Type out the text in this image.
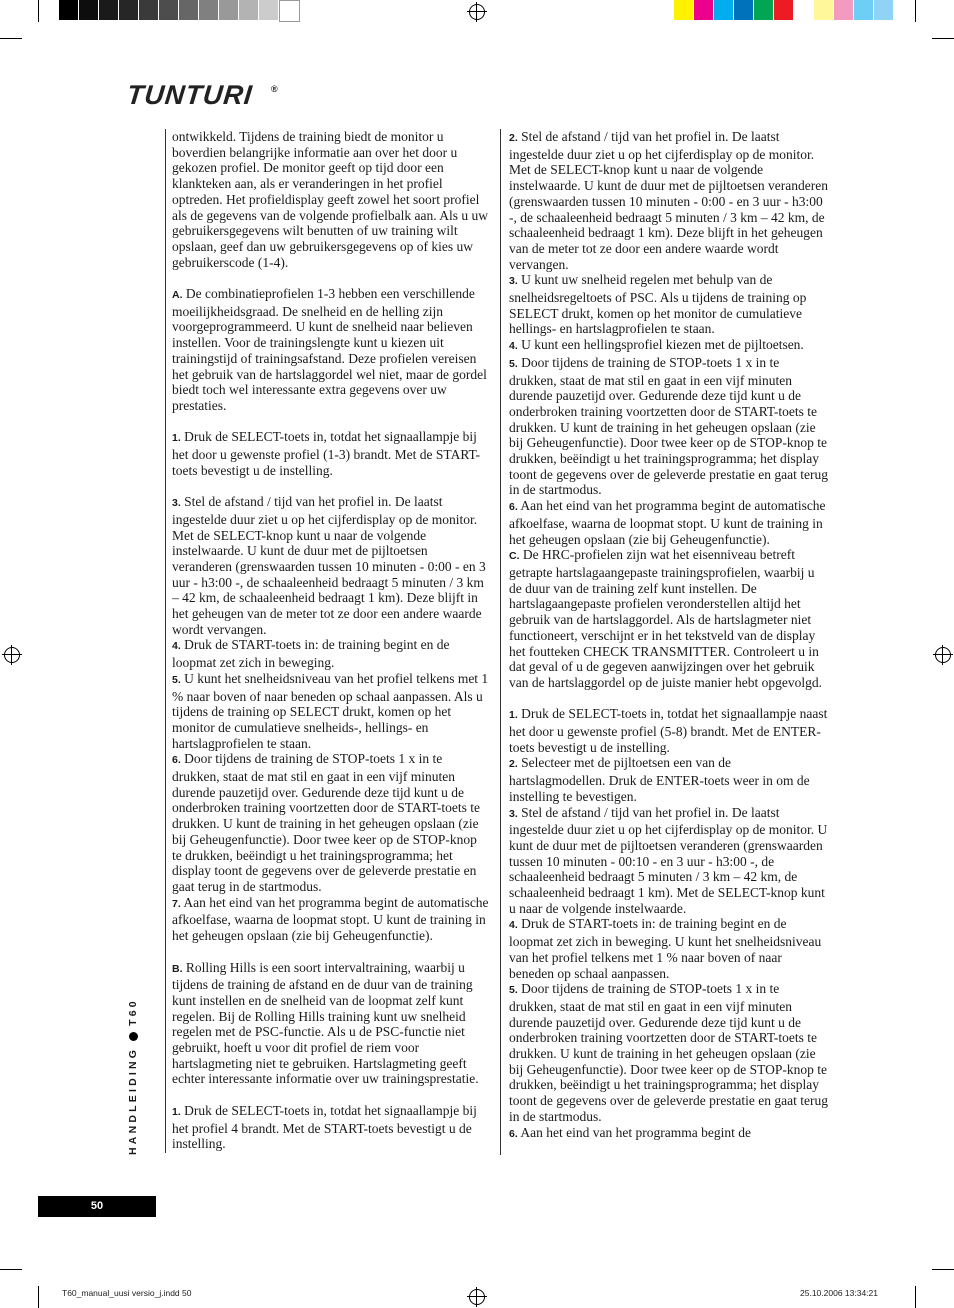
TUNTURI ®

ontwikkeld. Tijdens de training biedt de monitor u boverdien belangrijke informatie aan over het door u gekozen profiel. De monitor geeft op tijd door een klankteken aan, als er veranderingen in het profiel optreden. Het profieldisplay geeft zowel het soort profiel als de gegevens van de volgende profielbalk aan. Als u uw gebruikersgegevens wilt benutten of uw training wilt opslaan, geef dan uw gebruikersgegevens op of kies uw gebruikerscode (1-4).

A. De combinatieprofielen 1-3 hebben een verschillende moeilijkheidsgraad. De snelheid en de helling zijn voorgeprogrammeerd. U kunt de snelheid naar believen instellen. Voor de trainingslengte kunt u kiezen uit trainingstijd of trainingsafstand. Deze profielen vereisen het gebruik van de hartslaggordel wel niet, maar de gordel biedt toch wel interessante extra gegevens over uw prestaties.

1. Druk de SELECT-toets in, totdat het signaallampje bij het door u gewenste profiel (1-3) brandt. Met de START-toets bevestigt u de instelling.

3. Stel de afstand / tijd van het profiel in. De laatst ingestelde duur ziet u op het cijferdisplay op de monitor. Met de SELECT-knop kunt u naar de volgende instelwaarde. U kunt de duur met de pijltoetsen veranderen (grenswaarden tussen 10 minuten - 0:00 - en 3 uur - h3:00 -, de schaaleenheid bedraagt 5 minuten / 3 km – 42 km, de schaaleenheid bedraagt 1 km). Deze blijft in het geheugen van de meter tot ze door een andere waarde wordt vervangen.

4. Druk de START-toets in: de training begint en de loopmat zet zich in beweging.

5. U kunt het snelheidsniveau van het profiel telkens met 1 % naar boven of naar beneden op schaal aanpassen. Als u tijdens de training op SELECT drukt, komen op het monitor de cumulatieve snelheids-, hellings- en hartslagprofielen te staan.

6. Door tijdens de training de STOP-toets 1 x in te drukken, staat de mat stil en gaat in een vijf minuten durende pauzetijd over. Gedurende deze tijd kunt u de onderbroken training voortzetten door de START-toets te drukken. U kunt de training in het geheugen opslaan (zie bij Geheugenfunctie). Door twee keer op de STOP-knop te drukken, beëindigt u het trainingsprogramma; het display toont de gegevens over de geleverde prestatie en gaat terug in de startmodus.

7. Aan het eind van het programma begint de automatische afkoelfase, waarna de loopmat stopt. U kunt de training in het geheugen opslaan (zie bij Geheugenfunctie).

B. Rolling Hills is een soort intervaltraining, waarbij u tijdens de training de afstand en de duur van de training kunt instellen en de snelheid van de loopmat zelf kunt regelen. Bij de Rolling Hills training kunt uw snelheid regelen met de PSC-functie. Als u de PSC-functie niet gebruikt, hoeft u voor dit profiel de riem voor hartslagmeting niet te gebruiken. Hartslagmeting geeft echter interessante informatie over uw trainingsprestatie.

1. Druk de SELECT-toets in, totdat het signaallampje bij het profiel 4 brandt. Met de START-toets bevestigt u de instelling.

2. Stel de afstand / tijd van het profiel in. De laatst ingestelde duur ziet u op het cijferdisplay op de monitor. Met de SELECT-knop kunt u naar de volgende instelwaarde. U kunt de duur met de pijltoetsen veranderen (grenswaarden tussen 10 minuten - 0:00 - en 3 uur - h3:00 -, de schaaleenheid bedraagt 5 minuten / 3 km – 42 km, de schaaleenheid bedraagt 1 km). Deze blijft in het geheugen van de meter tot ze door een andere waarde wordt vervangen.

3. U kunt uw snelheid regelen met behulp van de snelheidsregeltoets of PSC. Als u tijdens de training op SELECT drukt, komen op het monitor de cumulatieve hellings- en hartslagprofielen te staan.

4. U kunt een hellingsprofiel kiezen met de pijltoetsen.

5. Door tijdens de training de STOP-toets 1 x in te drukken, staat de mat stil en gaat in een vijf minuten durende pauzetijd over. Gedurende deze tijd kunt u de onderbroken training voortzetten door de START-toets te drukken. U kunt de training in het geheugen opslaan (zie bij Geheugenfunctie). Door twee keer op de STOP-knop te drukken, beëindigt u het trainingsprogramma; het display toont de gegevens over de geleverde prestatie en gaat terug in de startmodus.

6. Aan het eind van het programma begint de automatische afkoelfase, waarna de loopmat stopt. U kunt de training in het geheugen opslaan (zie bij Geheugenfunctie).

C. De HRC-profielen zijn wat het eisenniveau betreft getrapte hartslagaangepaste trainingsprofielen, waarbij u de duur van de training zelf kunt instellen. De hartslagaangepaste profielen veronderstellen altijd het gebruik van de hartslaggordel. Als de hartslagmeter niet functioneert, verschijnt er in het tekstveld van de display het foutteken CHECK TRANSMITTER. Controleert u in dat geval of u de gegeven aanwijzingen over het gebruik van de hartslaggordel op de juiste manier hebt opgevolgd.

1. Druk de SELECT-toets in, totdat het signaallampje naast het door u gewenste profiel (5-8) brandt. Met de ENTER-toets bevestigt u de instelling.

2. Selecteer met de pijltoetsen een van de hartslagmodellen. Druk de ENTER-toets weer in om de instelling te bevestigen.

3. Stel de afstand / tijd van het profiel in. De laatst ingestelde duur ziet u op het cijferdisplay op de monitor. U kunt de duur met de pijltoetsen veranderen (grenswaarden tussen 10 minuten - 00:10 - en 3 uur - h3:00 -, de schaaleenheid bedraagt 5 minuten / 3 km – 42 km, de schaaleenheid bedraagt 1 km). Met de SELECT-knop kunt u naar de volgende instelwaarde.

4. Druk de START-toets in: de training begint en de loopmat zet zich in beweging. U kunt het snelheidsniveau van het profiel telkens met 1 % naar boven of naar beneden op schaal aanpassen.

5. Door tijdens de training de STOP-toets 1 x in te drukken, staat de mat stil en gaat in een vijf minuten durende pauzetijd over. Gedurende deze tijd kunt u de onderbroken training voortzetten door de START-toets te drukken. U kunt de training in het geheugen opslaan (zie bij Geheugenfunctie). Door twee keer op de STOP-knop te drukken, beëindigt u het trainingsprogramma; het display toont de gegevens over de geleverde prestatie en gaat terug in de startmodus.

6. Aan het eind van het programma begint de

HANDLEIDINGT60
50
T60_manual_uusi versio_j.indd 50	25.10.2006 13:34:21
